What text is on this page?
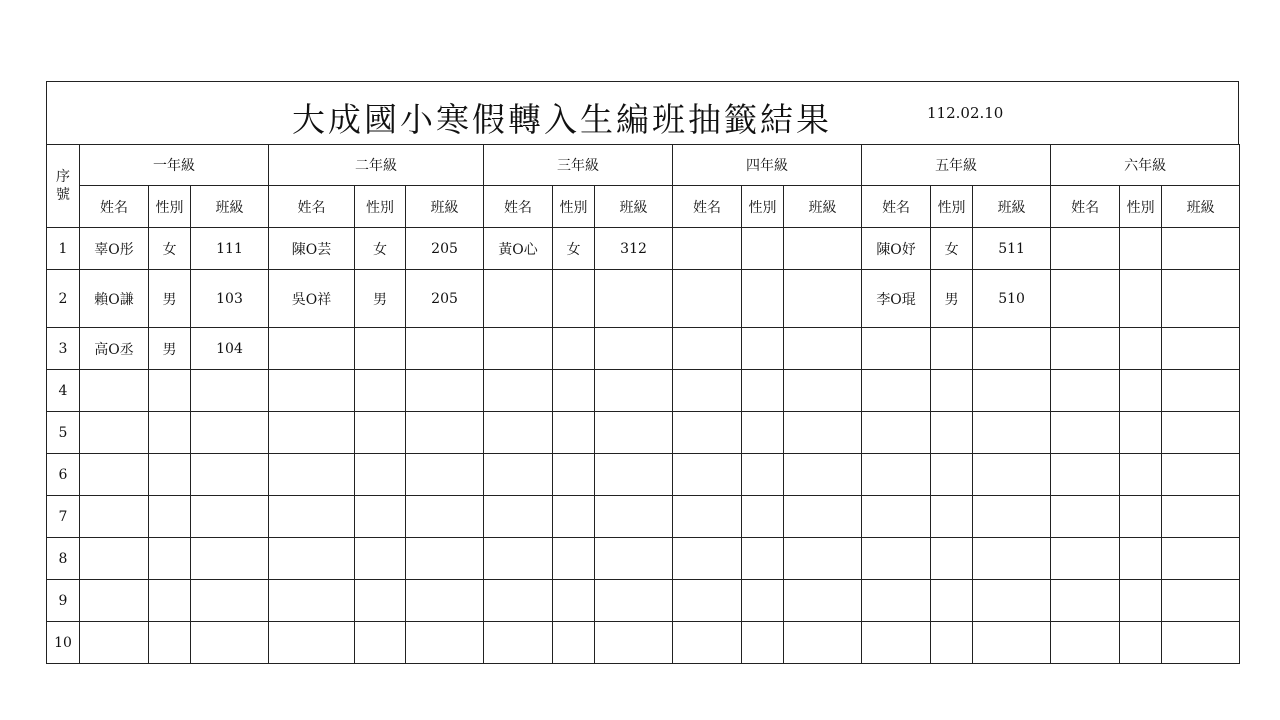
大成國小寒假轉入生編班抽籤結果	112.02.10
序號	一年級			二年級			三年級			四年級			五年級			六年級		
	姓名	性別	班級	姓名	性別	班級	姓名	性別	班級	姓名	性別	班級	姓名	性別	班級	姓名	性別	班級
1	辜O彤	女	111	陳O芸	女	205	黃O心	女	312				陳O妤	女	511			
2	賴O謙	男	103	吳O祥	男	205							李O琨	男	510			
3	高O丞	男	104															
4																		
5																		
6																		
7																		
8																		
9																		
10																		
